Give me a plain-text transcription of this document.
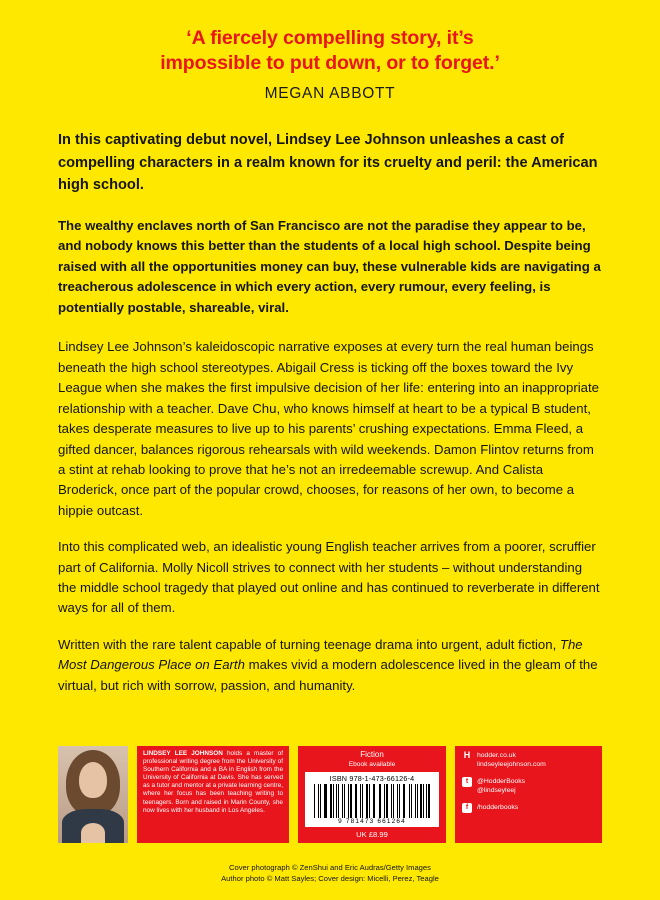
‘A fiercely compelling story, it’s
impossible to put down, or to forget.’
MEGAN ABBOTT

In this captivating debut novel, Lindsey Lee Johnson unleashes a cast of compelling characters in a realm known for its cruelty and peril: the American high school.

The wealthy enclaves north of San Francisco are not the paradise they appear to be, and nobody knows this better than the students of a local high school. Despite being raised with all the opportunities money can buy, these vulnerable kids are navigating a treacherous adolescence in which every action, every rumour, every feeling, is potentially postable, shareable, viral.

Lindsey Lee Johnson’s kaleidoscopic narrative exposes at every turn the real human beings beneath the high school stereotypes. Abigail Cress is ticking off the boxes toward the Ivy League when she makes the first impulsive decision of her life: entering into an inappropriate relationship with a teacher. Dave Chu, who knows himself at heart to be a typical B student, takes desperate measures to live up to his parents’ crushing expectations. Emma Fleed, a gifted dancer, balances rigorous rehearsals with wild weekends. Damon Flintov returns from a stint at rehab looking to prove that he’s not an irredeemable screwup. And Calista Broderick, once part of the popular crowd, chooses, for reasons of her own, to become a hippie outcast.

Into this complicated web, an idealistic young English teacher arrives from a poorer, scruffier part of California. Molly Nicoll strives to connect with her students – without understanding the middle school tragedy that played out online and has continued to reverberate in different ways for all of them.

Written with the rare talent capable of turning teenage drama into urgent, adult fiction, The Most Dangerous Place on Earth makes vivid a modern adolescence lived in the gleam of the virtual, but rich with sorrow, passion, and humanity.

LINDSEY LEE JOHNSON holds a master of professional writing degree from the University of Southern California and a BA in English from the University of California at Davis. She has served as a tutor and mentor at a private learning centre, where her focus has been teaching writing to teenagers. Born and raised in Marin County, she now lives with her husband in Los Angeles.
Fiction
Ebook available
ISBN 978-1-473-66126-4
9 781473 661264
UK £8.99
H hodder.co.uk
lindseyleejohnson.com
t	@HodderBooks
@lindseyleej
f	/hodderbooks
Cover photograph © ZenShui and Eric Audras/Getty Images
Author photo © Matt Sayles; Cover design: Micelli, Perez, Teagle
